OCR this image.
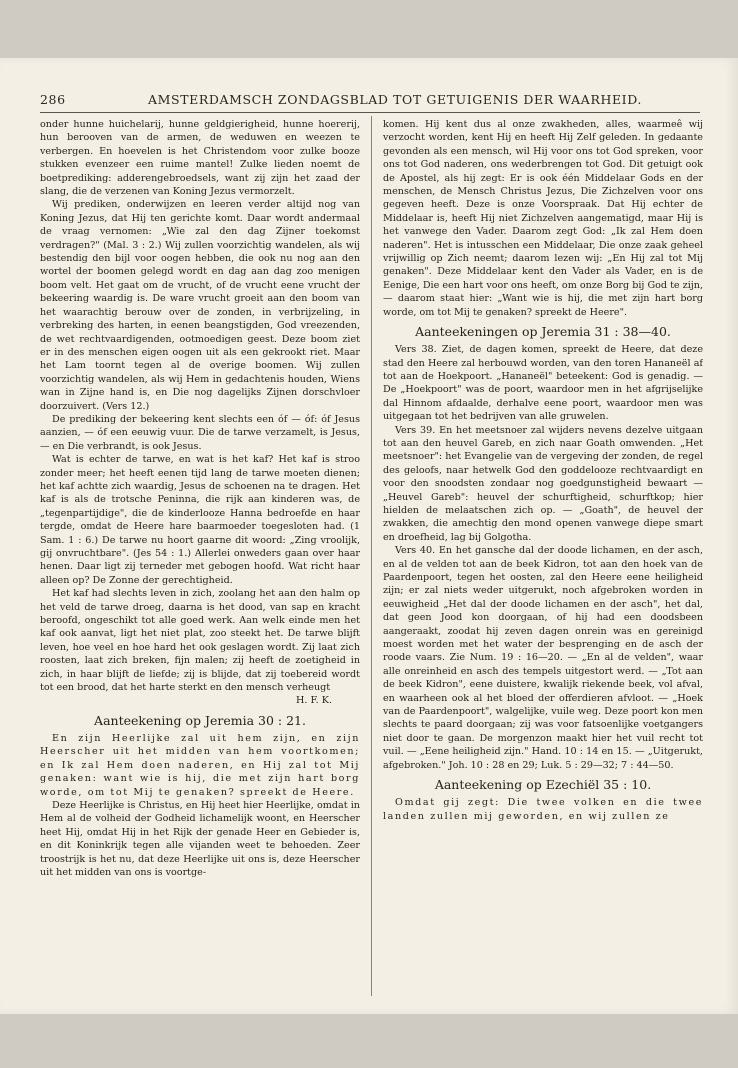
286	AMSTERDAMSCH ZONDAGSBLAD TOT GETUIGENIS DER WAARHEID.

onder hunne huichelarij, hunne geldgierigheid, hunne hoererij, hun berooven van de armen, de weduwen en weezen te verbergen. En hoevelen is het Christendom voor zulke booze stukken evenzeer een ruime mantel! Zulke lieden noemt de boetprediking: adderengebroedsels, want zij zijn het zaad der slang, die de verzenen van Koning Jezus vermorzelt.

Wij prediken, onderwijzen en leeren verder altijd nog van Koning Jezus, dat Hij ten gerichte komt. Daar wordt andermaal de vraag vernomen: „Wie zal den dag Zijner toekomst verdragen?" (Mal. 3 : 2.) Wij zullen voorzichtig wandelen, als wij bestendig den bijl voor oogen hebben, die ook nu nog aan den wortel der boomen gelegd wordt en dag aan dag zoo menigen boom velt. Het gaat om de vrucht, of de vrucht eene vrucht der bekeering waardig is. De ware vrucht groeit aan den boom van het waarachtig berouw over de zonden, in verbrijzeling, in verbreking des harten, in eenen beangstigden, God vreezenden, de wet rechtvaardigenden, ootmoedigen geest. Deze boom ziet er in des menschen eigen oogen uit als een gekrookt riet. Maar het Lam toornt tegen al de overige boomen. Wij zullen voorzichtig wandelen, als wij Hem in gedachtenis houden, Wiens wan in Zijne hand is, en Die nog dagelijks Zijnen dorschvloer doorzuivert. (Vers 12.)

De prediking der bekeering kent slechts een óf — óf: óf Jesus aanzien, — óf een eeuwig vuur. Die de tarwe verzamelt, is Jesus, — en Die verbrandt, is ook Jesus.

Wat is echter de tarwe, en wat is het kaf? Het kaf is stroo zonder meer; het heeft eenen tijd lang de tarwe moeten dienen; het kaf achtte zich waardig, Jesus de schoenen na te dragen. Het kaf is als de trotsche Peninna, die rijk aan kinderen was, de „tegenpartijdige", die de kinderlooze Hanna bedroefde en haar tergde, omdat de Heere hare baarmoeder toegesloten had. (1 Sam. 1 : 6.) De tarwe nu hoort gaarne dit woord: „Zing vroolijk, gij onvruchtbare". (Jes 54 : 1.) Allerlei onweders gaan over haar henen. Daar ligt zij terneder met gebogen hoofd. Wat richt haar alleen op? De Zonne der gerechtigheid.

Het kaf had slechts leven in zich, zoolang het aan den halm op het veld de tarwe droeg, daarna is het dood, van sap en kracht beroofd, ongeschikt tot alle goed werk. Aan welk einde men het kaf ook aanvat, ligt het niet plat, zoo steekt het. De tarwe blijft leven, hoe veel en hoe hard het ook geslagen wordt. Zij laat zich roosten, laat zich breken, fijn malen; zij heeft de zoetigheid in zich, in haar blijft de liefde; zij is blijde, dat zij toebereid wordt tot een brood, dat het harte sterkt en den mensch verheugt

H. F. K.

Aanteekening op Jeremia 30 : 21.

En zijn Heerlijke zal uit hem zijn, en zijn Heerscher uit het midden van hem voortkomen; en Ik zal Hem doen naderen, en Hij zal tot Mij genaken: want wie is hij, die met zijn hart borg worde, om tot Mij te genaken? spreekt de Heere.

Deze Heerlijke is Christus, en Hij heet hier Heerlijke, omdat in Hem al de volheid der Godheid lichamelijk woont, en Heerscher heet Hij, omdat Hij in het Rijk der genade Heer en Gebieder is, en dit Koninkrijk tegen alle vijanden weet te behoeden. Zeer troostrijk is het nu, dat deze Heerlijke uit ons is, deze Heerscher uit het midden van ons is voortge-

komen. Hij kent dus al onze zwakheden, alles, waarmeê wij verzocht worden, kent Hij en heeft Hij Zelf geleden. In gedaante gevonden als een mensch, wil Hij voor ons tot God spreken, voor ons tot God naderen, ons wederbrengen tot God. Dit getuigt ook de Apostel, als hij zegt: Er is ook één Middelaar Gods en der menschen, de Mensch Christus Jezus, Die Zichzelven voor ons gegeven heeft. Deze is onze Voorspraak. Dat Hij echter de Middelaar is, heeft Hij niet Zichzelven aangematigd, maar Hij is het vanwege den Vader. Daarom zegt God: „Ik zal Hem doen naderen". Het is intusschen een Middelaar, Die onze zaak geheel vrijwillig op Zich neemt; daarom lezen wij: „En Hij zal tot Mij genaken". Deze Middelaar kent den Vader als Vader, en is de Eenige, Die een hart voor ons heeft, om onze Borg bij God te zijn, — daarom staat hier: „Want wie is hij, die met zijn hart borg worde, om tot Mij te genaken? spreekt de Heere".

Aanteekeningen op Jeremia 31 : 38—40.

Vers 38. Ziet, de dagen komen, spreekt de Heere, dat deze stad den Heere zal herbouwd worden, van den toren Hananeël af tot aan de Hoekpoort. „Hananeël" beteekent: God is genadig. — De „Hoekpoort" was de poort, waardoor men in het afgrijselijke dal Hinnom afdaalde, derhalve eene poort, waardoor men was uitgegaan tot het bedrijven van alle gruwelen.

Vers 39. En het meetsnoer zal wijders nevens dezelve uitgaan tot aan den heuvel Gareb, en zich naar Goath omwenden. „Het meetsnoer": het Evangelie van de vergeving der zonden, de regel des geloofs, naar hetwelk God den goddelooze rechtvaardigt en voor den snoodsten zondaar nog goedgunstigheid bewaart — „Heuvel Gareb": heuvel der schurftigheid, schurftkop; hier hielden de melaatschen zich op. — „Goath", de heuvel der zwakken, die amechtig den mond openen vanwege diepe smart en droefheid, lag bij Golgotha.

Vers 40. En het gansche dal der doode lichamen, en der asch, en al de velden tot aan de beek Kidron, tot aan den hoek van de Paardenpoort, tegen het oosten, zal den Heere eene heiligheid zijn; er zal niets weder uitgerukt, noch afgebroken worden in eeuwigheid „Het dal der doode lichamen en der asch", het dal, dat geen Jood kon doorgaan, of hij had een doodsbeen aangeraakt, zoodat hij zeven dagen onrein was en gereinigd moest worden met het water der besprenging en de asch der roode vaars. Zie Num. 19 : 16—20. — „En al de velden", waar alle onreinheid en asch des tempels uitgestort werd. — „Tot aan de beek Kidron", eene duistere, kwalijk riekende beek, vol afval, en waarheen ook al het bloed der offerdieren afvloot. — „Hoek van de Paardenpoort", walgelijke, vuile weg. Deze poort kon men slechts te paard doorgaan; zij was voor fatsoenlijke voetgangers niet door te gaan. De morgenzon maakt hier het vuil recht tot vuil. — „Eene heiligheid zijn." Hand. 10 : 14 en 15. — „Uitgerukt, afgebroken." Joh. 10 : 28 en 29; Luk. 5 : 29—32; 7 : 44—50.

Aanteekening op Ezechiël 35 : 10.

Omdat gij zegt: Die twee volken en die twee landen zullen mij geworden, en wij zullen ze
